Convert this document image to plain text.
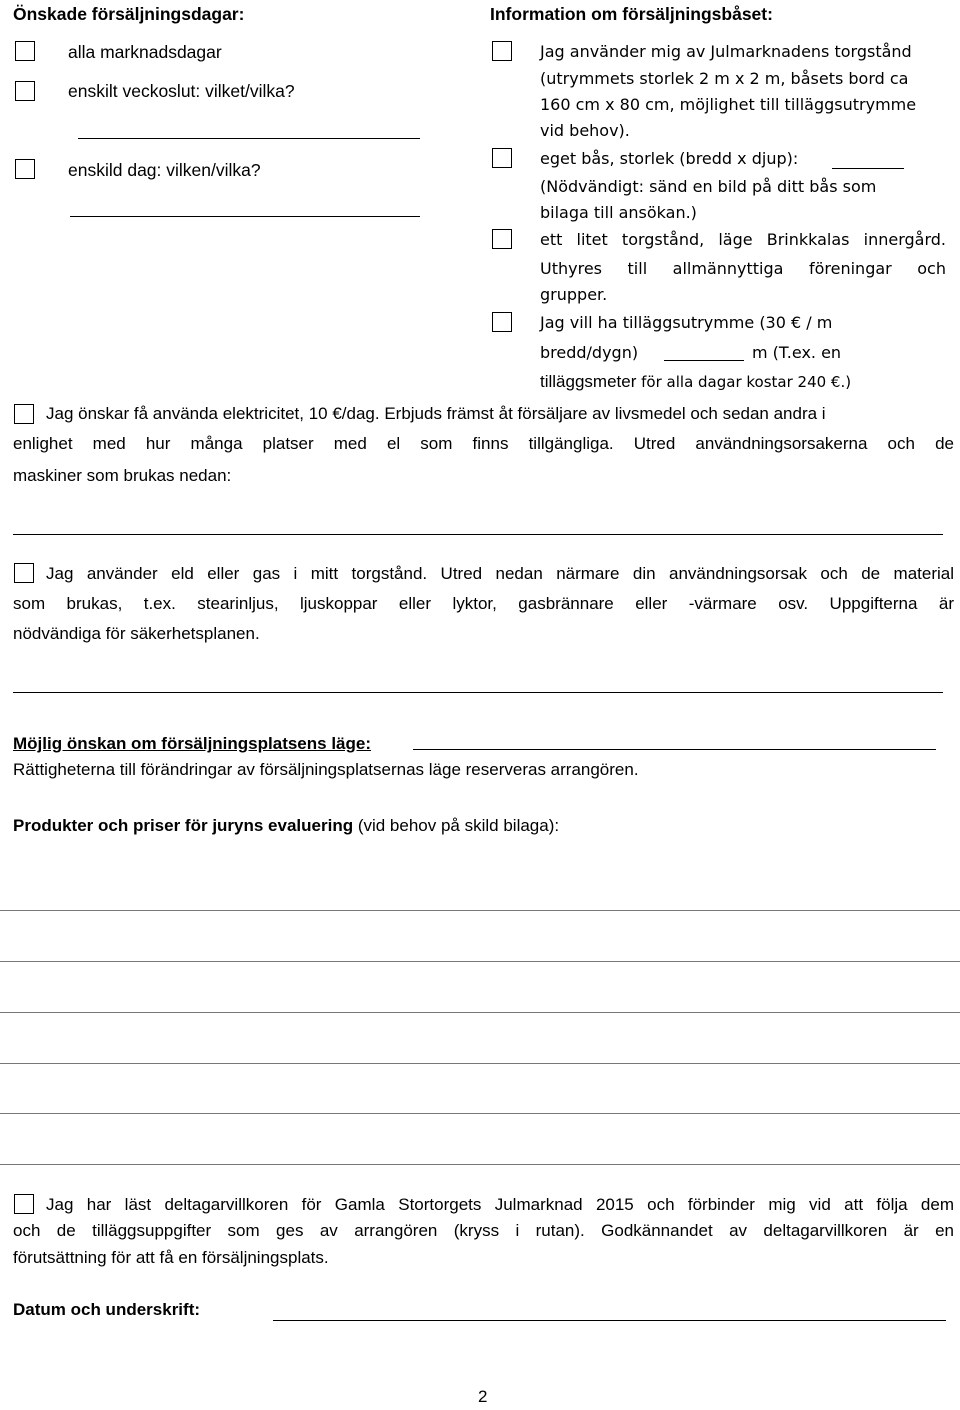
Önskade försäljningsdagar:
alla marknadsdagar
enskilt veckoslut: vilket/vilka?
enskild dag: vilken/vilka?
Information om försäljningsbåset:
Jag använder mig av Julmarknadens torgstånd
(utrymmets storlek 2 m x 2 m, båsets bord ca
160 cm x 80 cm, möjlighet till tilläggsutrymme
vid behov).
eget bås, storlek (bredd x djup):
(Nödvändigt: sänd en bild på ditt bås som
bilaga till ansökan.)
ett litet torgstånd, läge Brinkkalas innergård.
Uthyres till allmännyttiga föreningar och
grupper.
Jag vill ha tilläggsutrymme (30 € / m
bredd/dygn)	m (T.ex. en
tilläggsmeter för alla dagar kostar 240 €.)
Jag önskar få använda elektricitet, 10 €/dag. Erbjuds främst åt försäljare av livsmedel och sedan andra i
enlighet med hur många platser med el som finns tillgängliga. Utred användningsorsakerna och de
maskiner som brukas nedan:
Jag använder eld eller gas i mitt torgstånd. Utred nedan närmare din användningsorsak och de material
som brukas, t.ex. stearinljus, ljuskoppar eller lyktor, gasbrännare eller -värmare osv. Uppgifterna är
nödvändiga för säkerhetsplanen.
Möjlig önskan om försäljningsplatsens läge:
Rättigheterna till förändringar av försäljningsplatsernas läge reserveras arrangören.
Produkter och priser för juryns evaluering (vid behov på skild bilaga):
Jag har läst deltagarvillkoren för Gamla Stortorgets Julmarknad 2015 och förbinder mig vid att följa dem
och de tilläggsuppgifter som ges av arrangören (kryss i rutan). Godkännandet av deltagarvillkoren är en
förutsättning för att få en försäljningsplats.
Datum och underskrift:
2
